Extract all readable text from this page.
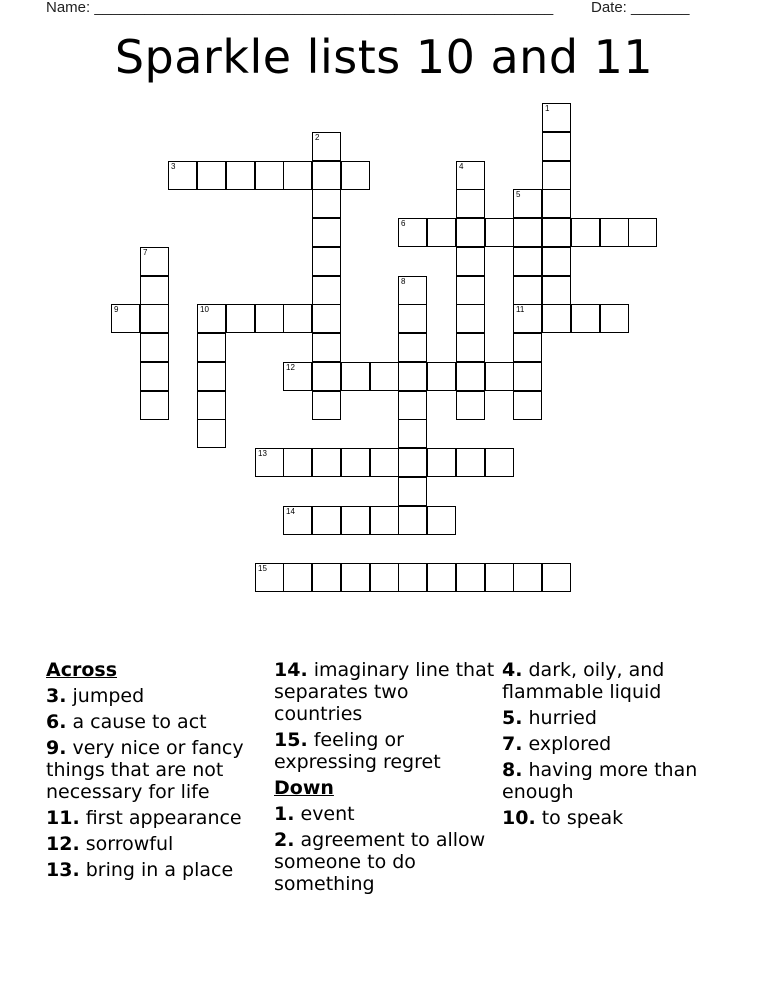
Name: _______________________________________________________	Date: _______
Sparkle lists 10 and 11
1
2
3	4
5
6
7
8
9	10	11
12
13
14
15
Across
3. jumped
6. a cause to act
9. very nice or fancy things that are not necessary for life
11. first appearance
12. sorrowful
13. bring in a place
14. imaginary line that separates two countries
15. feeling or expressing regret
Down
1. event
2. agreement to allow someone to do something
4. dark, oily, and flammable liquid
5. hurried
7. explored
8. having more than enough
10. to speak
